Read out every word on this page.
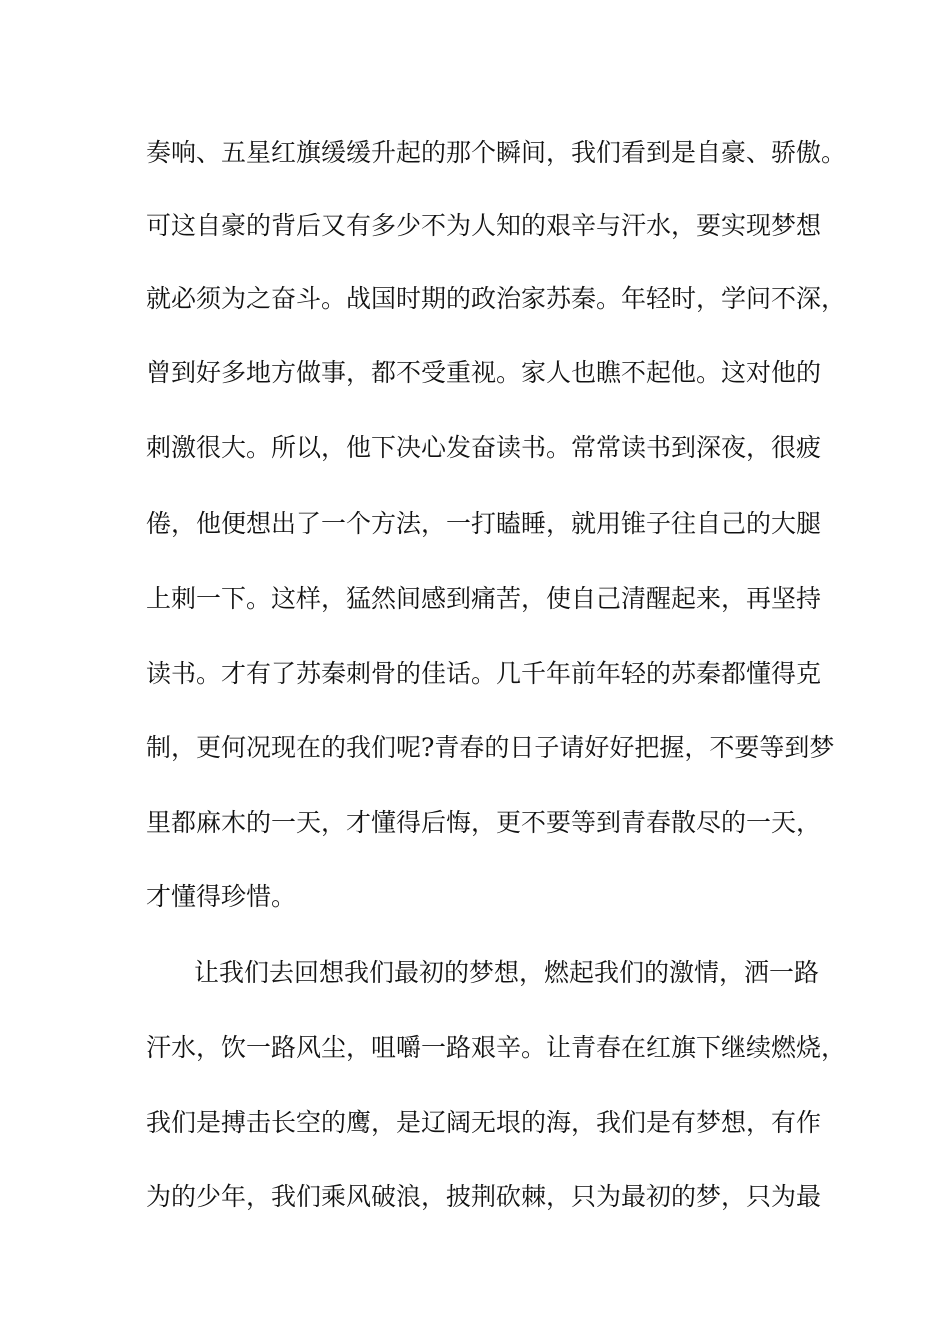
奏响、五星红旗缓缓升起的那个瞬间，我们看到是自豪、骄傲。
可这自豪的背后又有多少不为人知的艰辛与汗水，要实现梦想
就必须为之奋斗。战国时期的政治家苏秦。年轻时，学问不深，
曾到好多地方做事，都不受重视。家人也瞧不起他。这对他的
刺激很大。所以，他下决心发奋读书。常常读书到深夜，很疲
倦，他便想出了一个方法，一打瞌睡，就用锥子往自己的大腿
上刺一下。这样，猛然间感到痛苦，使自己清醒起来，再坚持
读书。才有了苏秦刺骨的佳话。几千年前年轻的苏秦都懂得克
制，更何况现在的我们呢?青春的日子请好好把握，不要等到梦
里都麻木的一天，才懂得后悔，更不要等到青春散尽的一天，
才懂得珍惜。
让我们去回想我们最初的梦想，燃起我们的激情，洒一路
汗水，饮一路风尘，咀嚼一路艰辛。让青春在红旗下继续燃烧，
我们是搏击长空的鹰，是辽阔无垠的海，我们是有梦想，有作
为的少年，我们乘风破浪，披荆砍棘，只为最初的梦，只为最
